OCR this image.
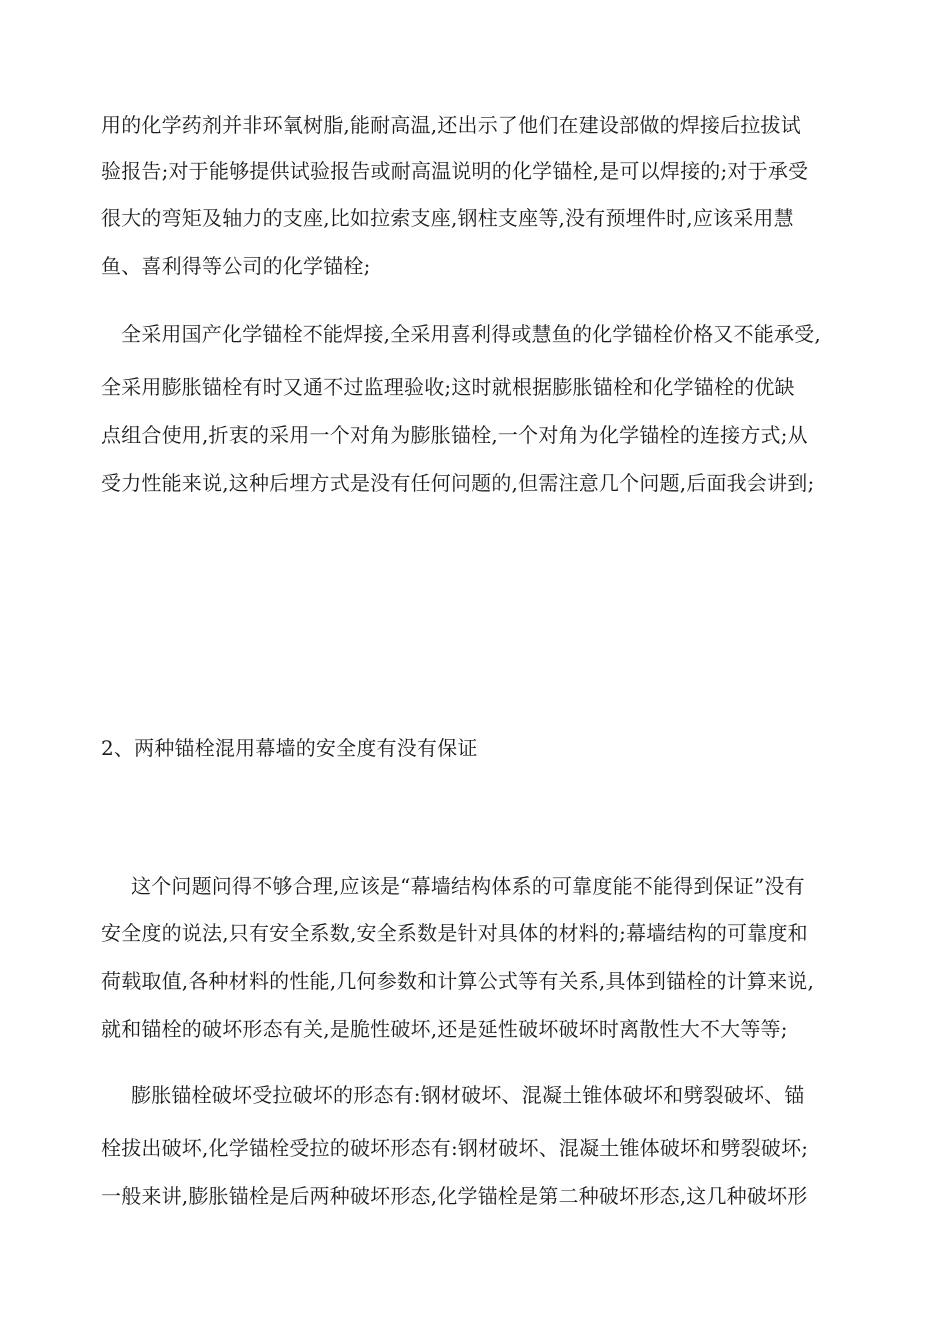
用的化学药剂并非环氧树脂,能耐高温,还出示了他们在建设部做的焊接后拉拔试
验报告;对于能够提供试验报告或耐高温说明的化学锚栓,是可以焊接的;对于承受
很大的弯矩及轴力的支座,比如拉索支座,钢柱支座等,没有预埋件时,应该采用慧
鱼、喜利得等公司的化学锚栓;
全采用国产化学锚栓不能焊接,全采用喜利得或慧鱼的化学锚栓价格又不能承受,
全采用膨胀锚栓有时又通不过监理验收;这时就根据膨胀锚栓和化学锚栓的优缺
点组合使用,折衷的采用一个对角为膨胀锚栓,一个对角为化学锚栓的连接方式;从
受力性能来说,这种后埋方式是没有任何问题的,但需注意几个问题,后面我会讲到;
2、两种锚栓混用幕墙的安全度有没有保证
这个问题问得不够合理,应该是“幕墙结构体系的可靠度能不能得到保证”没有
安全度的说法,只有安全系数,安全系数是针对具体的材料的;幕墙结构的可靠度和
荷载取值,各种材料的性能,几何参数和计算公式等有关系,具体到锚栓的计算来说,
就和锚栓的破坏形态有关,是脆性破坏,还是延性破坏破坏时离散性大不大等等;
膨胀锚栓破坏受拉破坏的形态有:钢材破坏、混凝土锥体破坏和劈裂破坏、锚
栓拔出破坏,化学锚栓受拉的破坏形态有:钢材破坏、混凝土锥体破坏和劈裂破坏;
一般来讲,膨胀锚栓是后两种破坏形态,化学锚栓是第二种破坏形态,这几种破坏形
